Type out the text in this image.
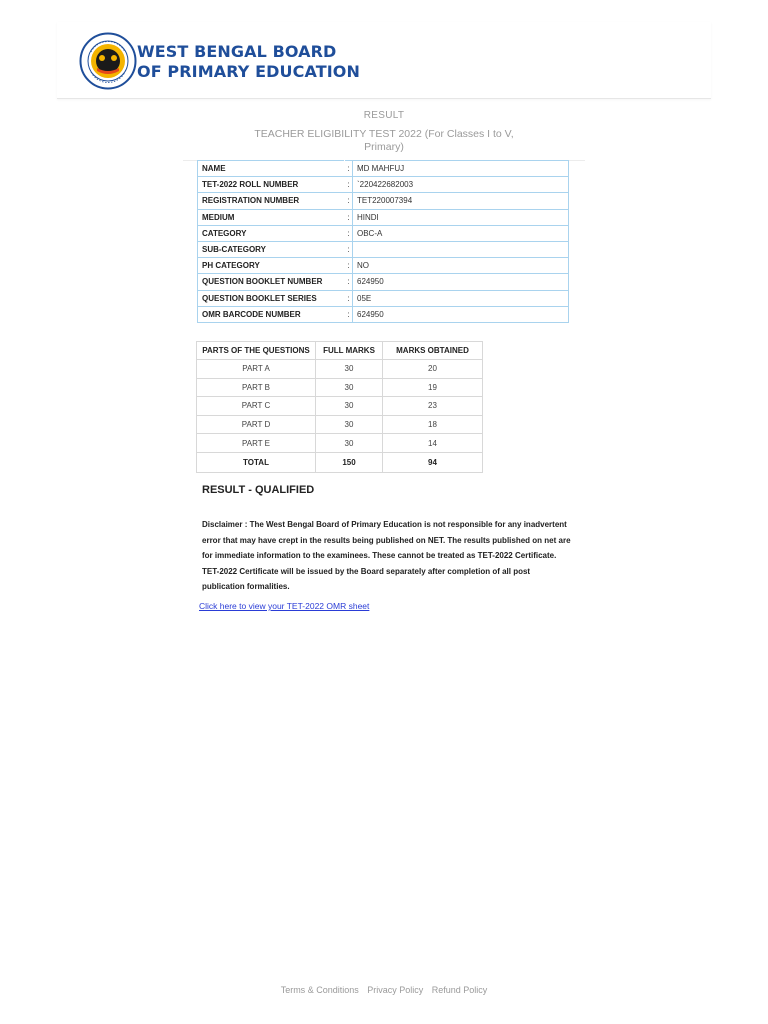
WEST BENGAL BOARD
OF PRIMARY EDUCATION
RESULT
TEACHER ELIGIBILITY TEST 2022 (For Classes I to V,
Primary)
NAME	:	MD MAHFUJ
TET-2022 ROLL NUMBER	:	`220422682003
REGISTRATION NUMBER	:	TET220007394
MEDIUM	:	HINDI
CATEGORY	:	OBC-A
SUB-CATEGORY	:	
PH CATEGORY	:	NO
QUESTION BOOKLET NUMBER	:	624950
QUESTION BOOKLET SERIES	:	05E
OMR BARCODE NUMBER	:	624950
PARTS OF THE QUESTIONS	FULL MARKS	MARKS OBTAINED
PART A	30	20
PART B	30	19
PART C	30	23
PART D	30	18
PART E	30	14
TOTAL	150	94
RESULT - QUALIFIED
Disclaimer : The West Bengal Board of Primary Education is not responsible for any inadvertent error that may have crept in the results being published on NET. The results published on net are for immediate information to the examinees. These cannot be treated as TET-2022 Certificate. TET-2022 Certificate will be issued by the Board separately after completion of all post publication formalities.
Click here to view your TET-2022 OMR sheet
Terms & Conditions Privacy Policy Refund Policy
